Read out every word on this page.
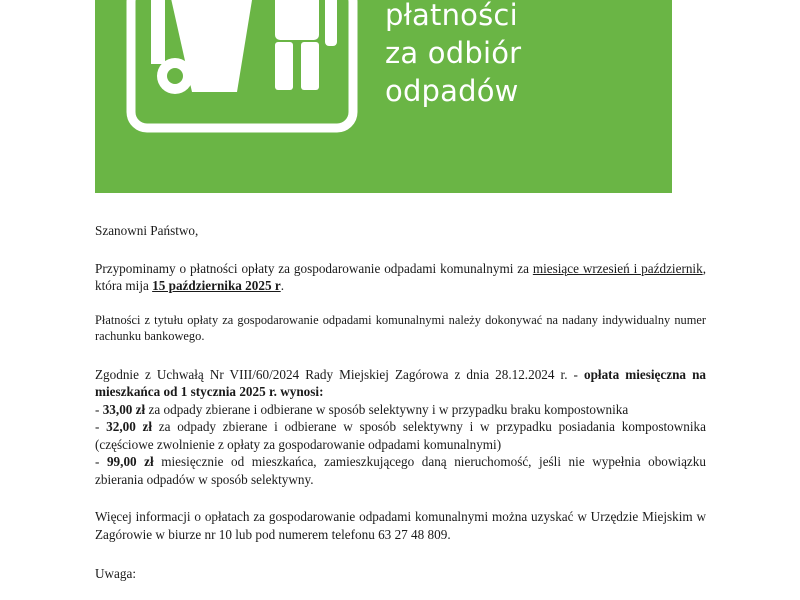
płatności
za odbiór
odpadów

Szanowni Państwo,

Przypominamy o płatności opłaty za gospodarowanie odpadami komunalnymi za miesiące wrzesień i październik, która mija 15 października 2025 r.

Płatności z tytułu opłaty za gospodarowanie odpadami komunalnymi należy dokonywać na nadany indywidualny numer rachunku bankowego.

Zgodnie z Uchwałą Nr VIII/60/2024 Rady Miejskiej Zagórowa z dnia 28.12.2024 r. - opłata miesięczna na mieszkańca od 1 stycznia 2025 r. wynosi:

- 33,00 zł za odpady zbierane i odbierane w sposób selektywny i w przypadku braku kompostownika

- 32,00 zł za odpady zbierane i odbierane w sposób selektywny i w przypadku posiadania kompostownika (częściowe zwolnienie z opłaty za gospodarowanie odpadami komunalnymi)

- 99,00 zł miesięcznie od mieszkańca, zamieszkującego daną nieruchomość, jeśli nie wypełnia obowiązku zbierania odpadów w sposób selektywny.

Więcej informacji o opłatach za gospodarowanie odpadami komunalnymi można uzyskać w Urzędzie Miejskim w Zagórowie w biurze nr 10 lub pod numerem telefonu 63 27 48 809.

Uwaga:
